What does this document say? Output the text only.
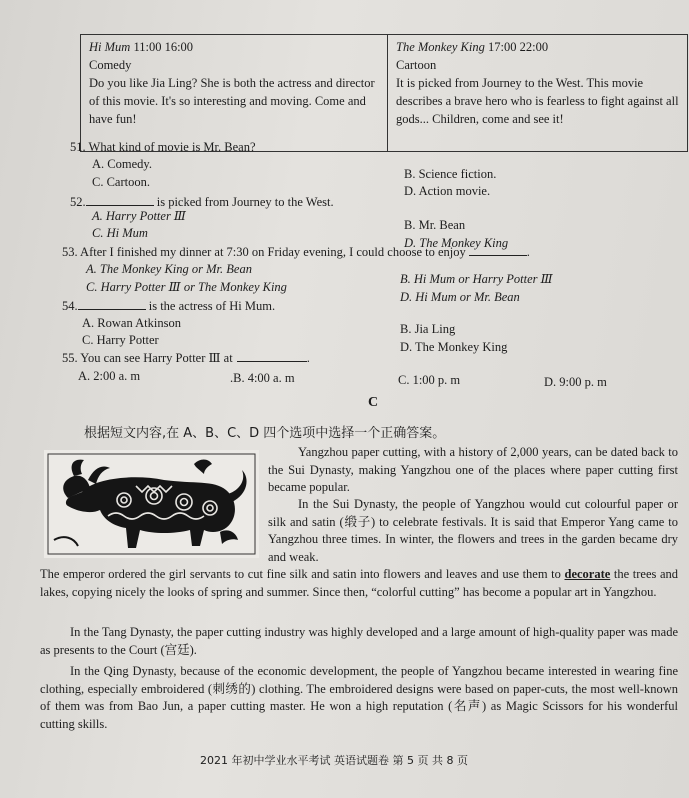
Hi Mum 11:00 16:00
Comedy
Do you like Jia Ling? She is both the actress and director of this movie. It's so interesting and moving. Come and have fun!
The Monkey King 17:00 22:00
Cartoon
It is picked from Journey to the West. This movie describes a brave hero who is fearless to fight against all gods... Children, come and see it!
51. What kind of movie is Mr. Bean?
A. Comedy.
B. Science fiction.
C. Cartoon.
D. Action movie.
52.	is picked from Journey to the West.
A. Harry Potter Ⅲ
B. Mr. Bean
C. Hi Mum
D. The Monkey King
53. After I finished my dinner at 7:30 on Friday evening, I could choose to enjoy	.
A. The Monkey King or Mr. Bean
B. Hi Mum or Harry Potter Ⅲ
C. Harry Potter Ⅲ or The Monkey King
D. Hi Mum or Mr. Bean
54.	is the actress of Hi Mum.
A. Rowan Atkinson	B. Jia Ling
C. Harry Potter	D. The Monkey King
55. You can see Harry Potter Ⅲ at	.
A. 2:00 a. m	.B. 4:00 a. m	C. 1:00 p. m	D. 9:00 p. m
C
根据短文内容,在 A、B、C、D 四个选项中选择一个正确答案。
Yangzhou paper cutting, with a history of 2,000 years, can be dated back to the Sui Dynasty, making Yangzhou one of the places where paper cutting first became popular.
In the Sui Dynasty, the people of Yangzhou would cut colourful paper or silk and satin (缎子) to celebrate festivals. It is said that Emperor Yang came to Yangzhou three times. In winter, the flowers and trees in the garden became dry and weak.
The emperor ordered the girl servants to cut fine silk and satin into flowers and leaves and use them to decorate the trees and lakes, copying nicely the looks of spring and summer. Since then, “colorful cutting” has become a popular art in Yangzhou.
In the Tang Dynasty, the paper cutting industry was highly developed and a large amount of high-quality paper was made as presents to the Court (宫廷).
In the Qing Dynasty, because of the economic development, the people of Yangzhou became interested in wearing fine clothing, especially embroidered (刺绣的) clothing. The embroidered designs were based on paper-cuts, the most well-known of them was from Bao Jun, a paper cutting master. He won a high reputation (名声) as Magic Scissors for his wonderful cutting skills.
2021 年初中学业水平考试 英语试题卷 第 5 页 共 8 页
